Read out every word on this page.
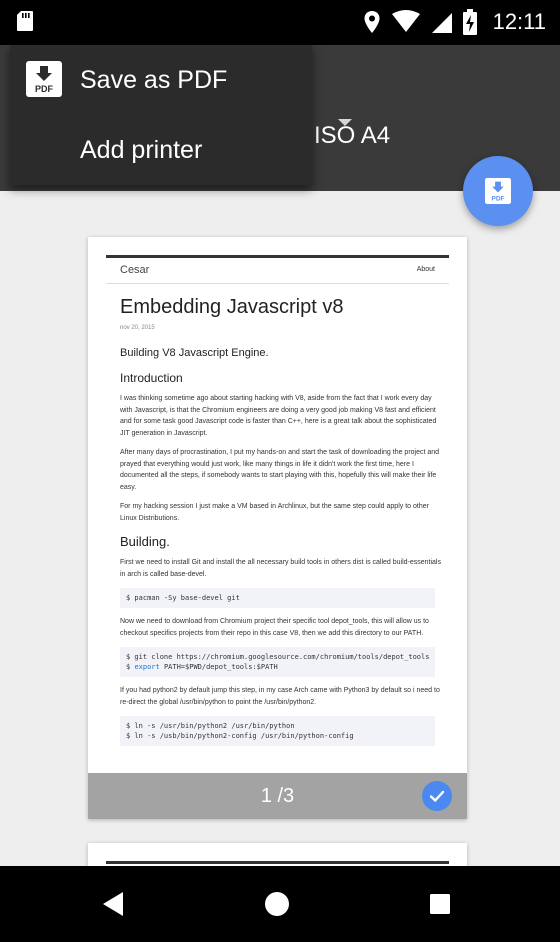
12:11
ISO A4
PDF Save as PDF
Add printer
PDF
Cesar	About
Embedding Javascript v8
nov 20, 2015
Building V8 Javascript Engine.
Introduction
I was thinking sometime ago about starting hacking with V8, aside from the fact that I work every day with Javascript, is that the Chromium engineers are doing a very good job making V8 fast and efficient and for some task good Javascript code is faster than C++, here is a great talk about the sophisticated JIT generation in Javascript.
After many days of procrastination, I put my hands-on and start the task of downloading the project and prayed that everything would just work, like many things in life it didn't work the first time, here I documented all the steps, if somebody wants to start playing with this, hopefully this will make their life easy.
For my hacking session I just make a VM based in Archlinux, but the same step could apply to other Linux Distributions.
Building.
First we need to install Git and install the all necessary build tools in others dist is called build-essentials in arch is called base-devel.
$ pacman -Sy base-devel git
Now we need to download from Chromium project their specific tool depot_tools, this will allow us to checkout specifics projects from their repo in this case V8, then we add this directory to our PATH.
$ git clone https://chromium.googlesource.com/chromium/tools/depot_tools
$ export PATH=$PWD/depot_tools:$PATH
If you had python2 by default jump this step, in my case Arch came with Python3 by default so i need to re-direct the global /usr/bin/python to point the /usr/bin/python2.
$ ln -s /usr/bin/python2 /usr/bin/python
$ ln -s /usb/bin/python2-config /usr/bin/python-config
1 /3
